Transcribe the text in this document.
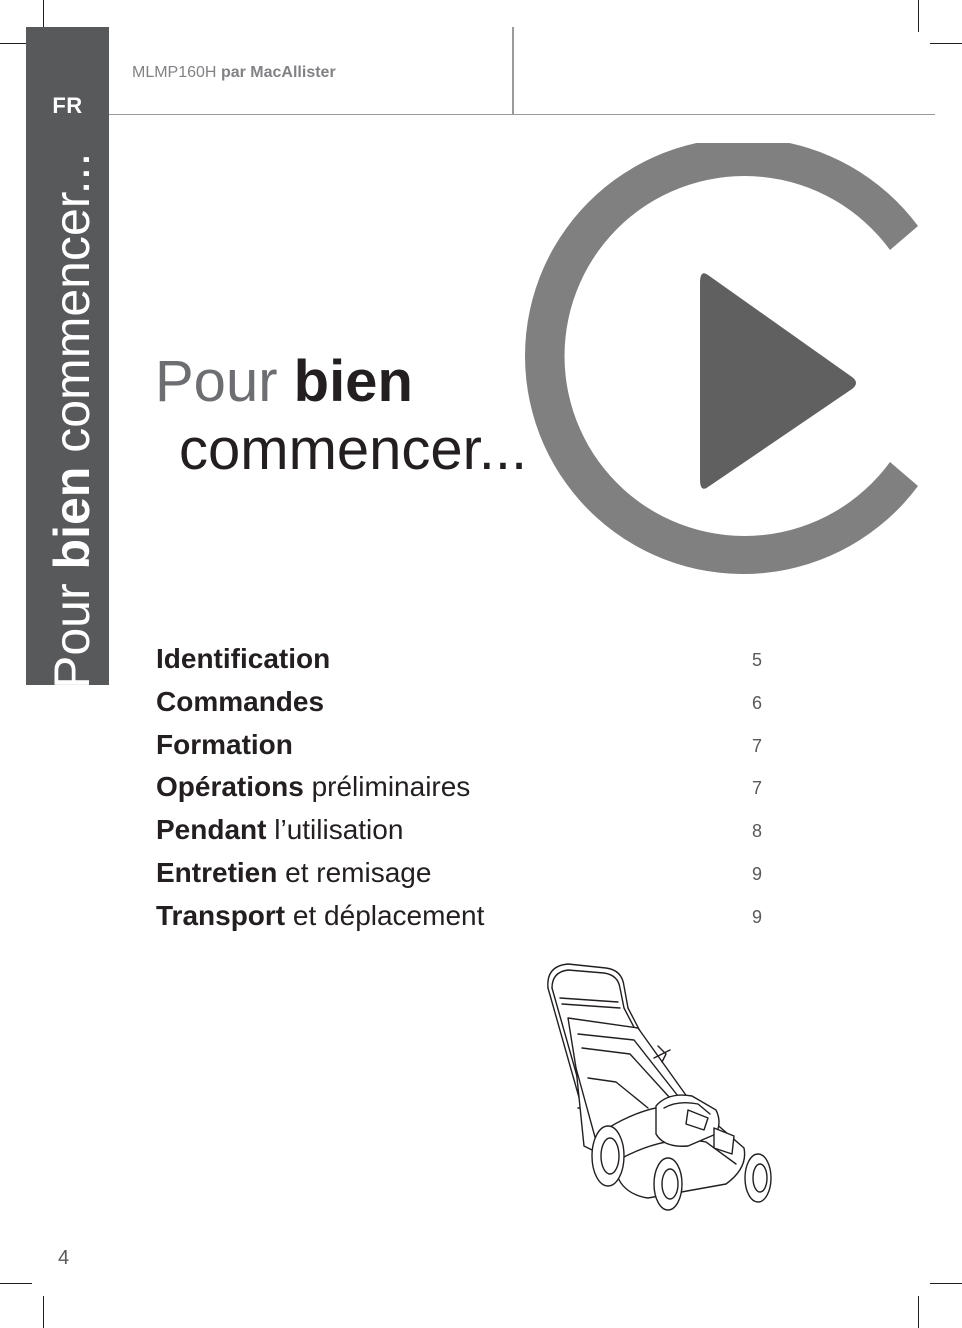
FR
Pour bien commencer...
MLMP160H par MacAllister
Pour bien
commencer...
Identification	5
Commandes	6
Formation	7
Opérations préliminaires	7
Pendant l’utilisation	8
Entretien et remisage	9
Transport et déplacement	9
4
